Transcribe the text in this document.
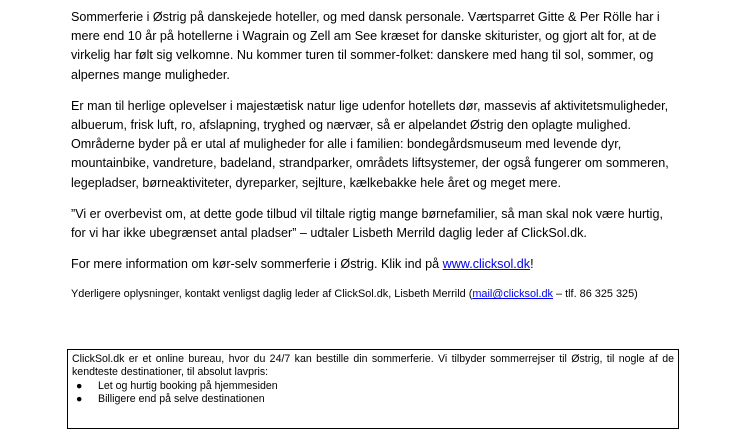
Sommerferie i Østrig på danskejede hoteller, og med dansk personale. Værtsparret Gitte & Per Rölle har i mere end 10 år på hotellerne i Wagrain og Zell am See kræset for danske skiturister, og gjort alt for, at de virkelig har følt sig velkomne. Nu kommer turen til sommer-folket: danskere med hang til sol, sommer, og alpernes mange muligheder.

Er man til herlige oplevelser i majestætisk natur lige udenfor hotellets dør, massevis af aktivitetsmuligheder, albuerum, frisk luft, ro, afslapning, tryghed og nærvær, så er alpelandet Østrig den oplagte mulighed. Områderne byder på er utal af muligheder for alle i familien: bondegårdsmuseum med levende dyr, mountainbike, vandreture, badeland, strandparker, områdets liftsystemer, der også fungerer om sommeren, legepladser, børneaktiviteter, dyreparker, sejlture, kælkebakke hele året og meget mere.

”Vi er overbevist om, at dette gode tilbud vil tiltale rigtig mange børnefamilier, så man skal nok være hurtig, for vi har ikke ubegrænset antal pladser” – udtaler Lisbeth Merrild daglig leder af ClickSol.dk.

For mere information om kør-selv sommerferie i Østrig. Klik ind på www.clicksol.dk!

Yderligere oplysninger, kontakt venligst daglig leder af ClickSol.dk, Lisbeth Merrild (mail@clicksol.dk – tlf. 86 325 325)

ClickSol.dk er et online bureau, hvor du 24/7 kan bestille din sommerferie. Vi tilbyder sommerrejser til Østrig, til nogle af de kendteste destinationer, til absolut lavpris:

● Let og hurtig booking på hjemmesiden
● Billigere end på selve destinationen
